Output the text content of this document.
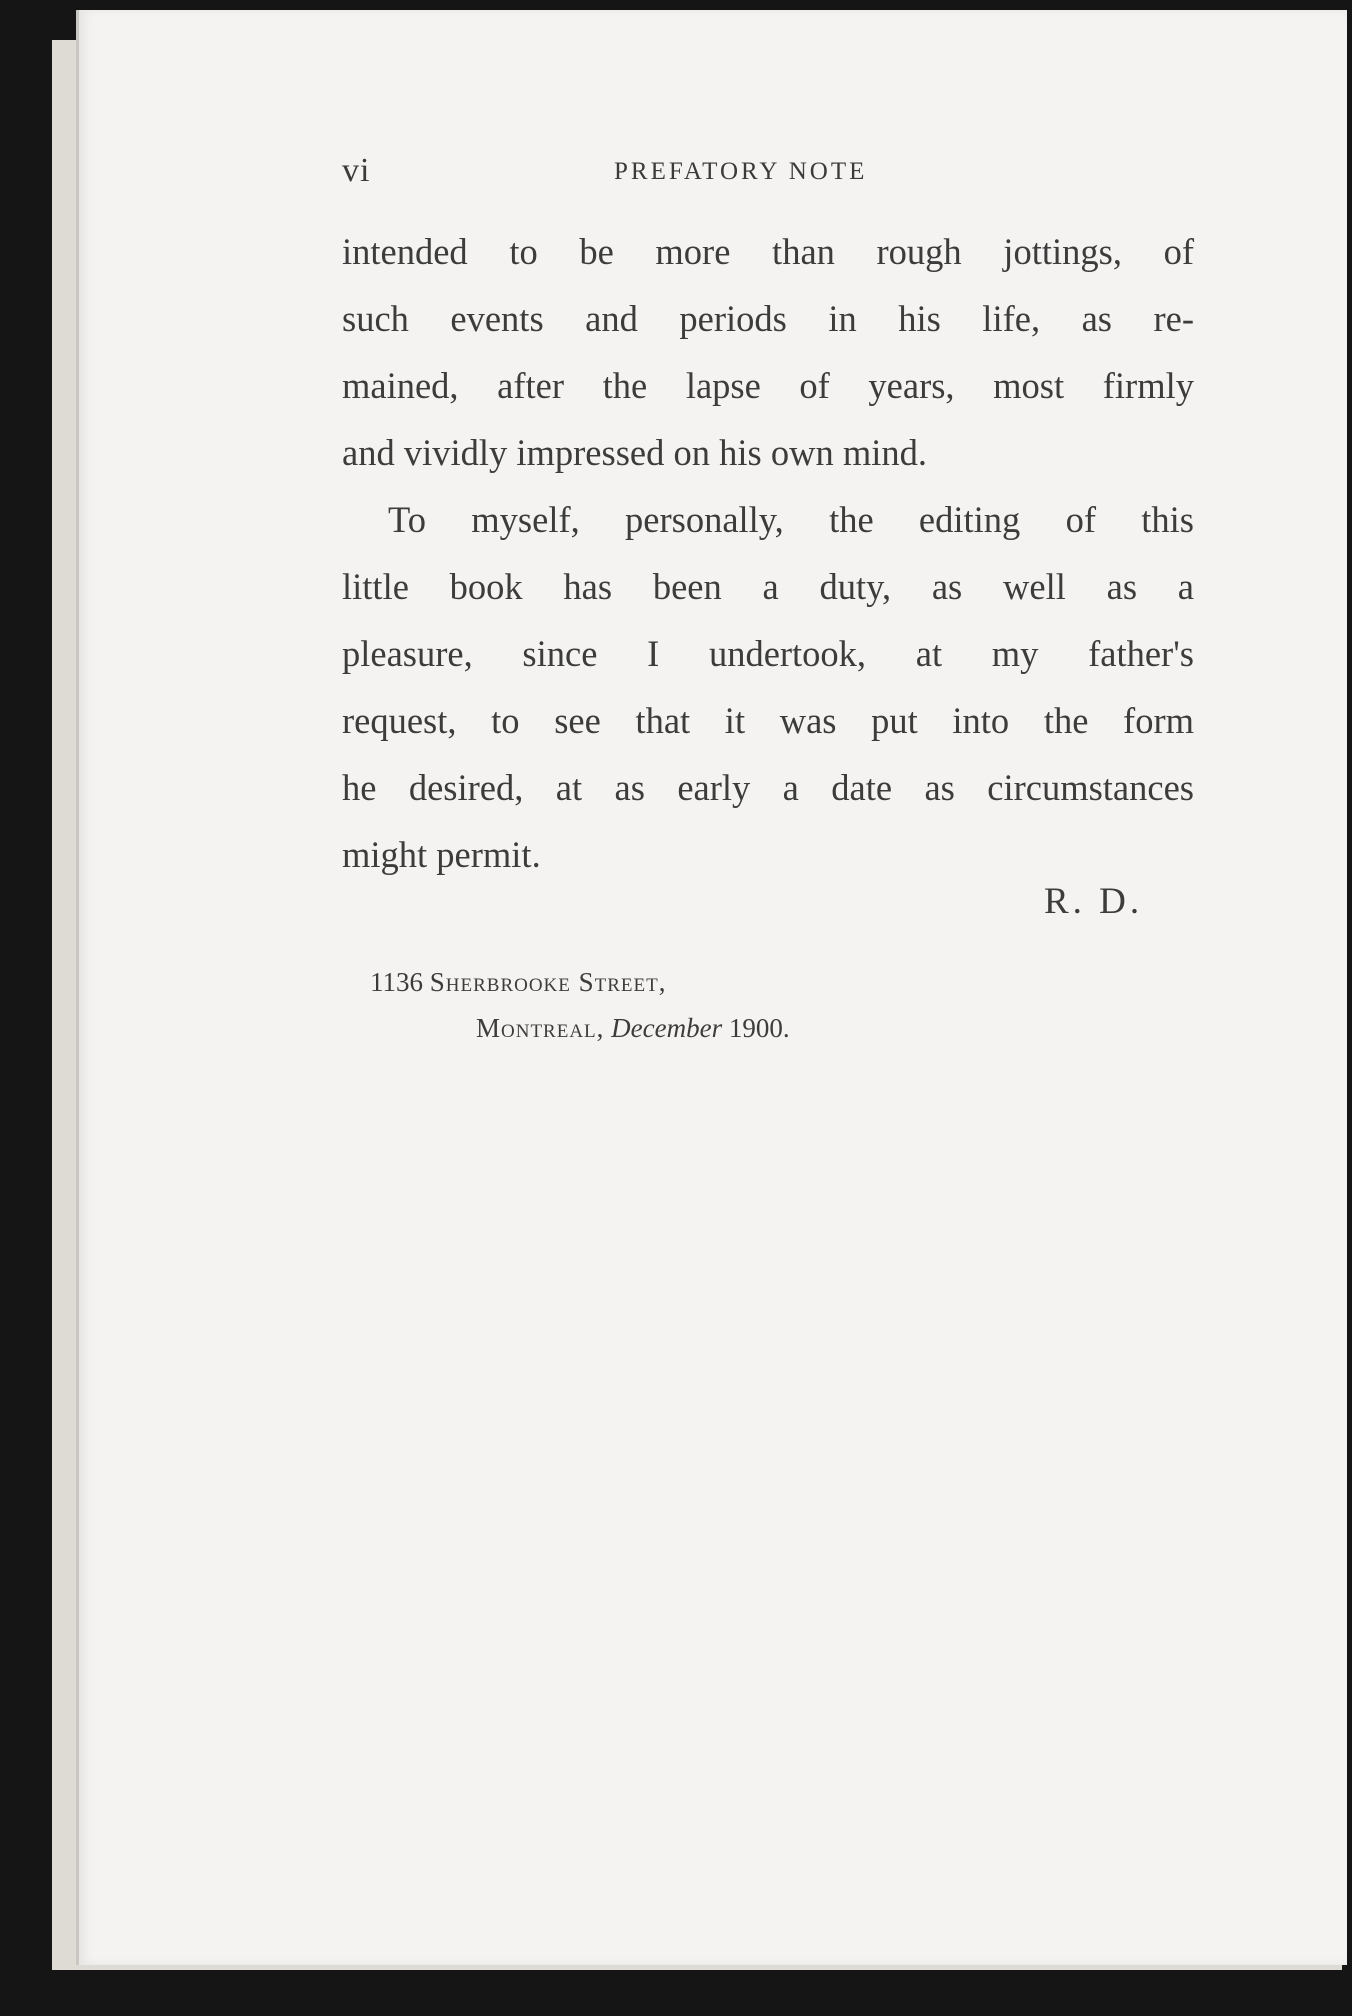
vi	PREFATORY NOTE
intended to be more than rough jottings, of
such events and periods in his life, as re-
mained, after the lapse of years, most firmly
and vividly impressed on his own mind.
To myself, personally, the editing of this
little book has been a duty, as well as a
pleasure, since I undertook, at my father's
request, to see that it was put into the form
he desired, at as early a date as circumstances
might permit.
R. D.
1136 Sherbrooke Street,
Montreal, December 1900.
